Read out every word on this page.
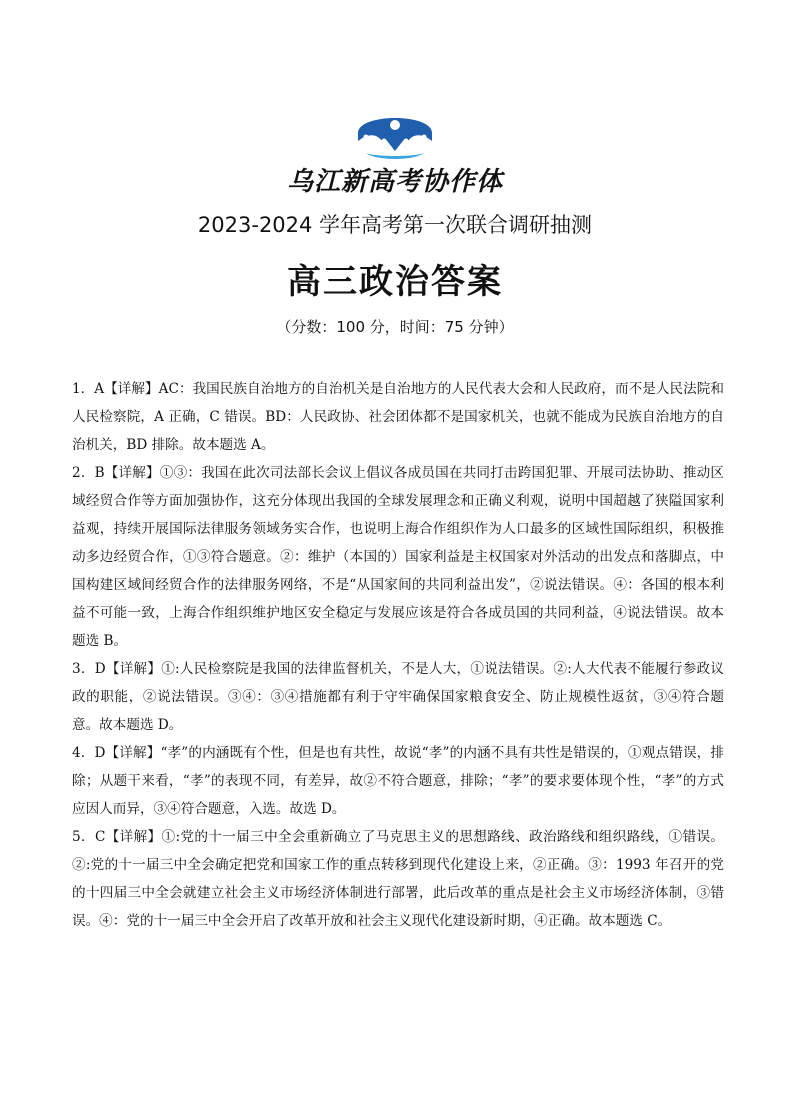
乌江新高考协作体
2023-2024 学年高考第一次联合调研抽测
高三政治答案
（分数：100 分，时间：75 分钟）

1．A【详解】AC：我国民族自治地方的自治机关是自治地方的人民代表大会和人民政府，而不是人民法院和人民检察院，A 正确，C 错误。BD：人民政协、社会团体都不是国家机关，也就不能成为民族自治地方的自治机关，BD 排除。故本题选 A。

2．B【详解】①③：我国在此次司法部长会议上倡议各成员国在共同打击跨国犯罪、开展司法协助、推动区域经贸合作等方面加强协作，这充分体现出我国的全球发展理念和正确义利观，说明中国超越了狭隘国家利益观，持续开展国际法律服务领域务实合作，也说明上海合作组织作为人口最多的区域性国际组织，积极推动多边经贸合作，①③符合题意。②：维护（本国的）国家利益是主权国家对外活动的出发点和落脚点，中国构建区域间经贸合作的法律服务网络，不是“从国家间的共同利益出发”，②说法错误。④：各国的根本利益不可能一致，上海合作组织维护地区安全稳定与发展应该是符合各成员国的共同利益，④说法错误。故本题选 B。

3．D【详解】①:人民检察院是我国的法律监督机关，不是人大，①说法错误。②:人大代表不能履行参政议政的职能，②说法错误。③④：③④措施都有利于守牢确保国家粮食安全、防止规模性返贫，③④符合题意。故本题选 D。

4．D【详解】“孝”的内涵既有个性，但是也有共性，故说“孝”的内涵不具有共性是错误的，①观点错误，排除；从题干来看，“孝”的表现不同，有差异，故②不符合题意，排除；“孝”的要求要体现个性，“孝”的方式应因人而异，③④符合题意，入选。故选 D。

5．C【详解】①:党的十一届三中全会重新确立了马克思主义的思想路线、政治路线和组织路线，①错误。②:党的十一届三中全会确定把党和国家工作的重点转移到现代化建设上来，②正确。③：1993 年召开的党的十四届三中全会就建立社会主义市场经济体制进行部署，此后改革的重点是社会主义市场经济体制，③错误。④：党的十一届三中全会开启了改革开放和社会主义现代化建设新时期，④正确。故本题选 C。
